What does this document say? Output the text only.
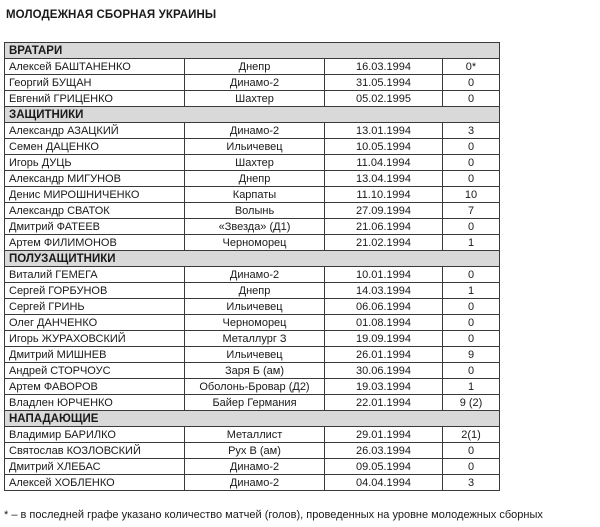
МОЛОДЕЖНАЯ СБОРНАЯ УКРАИНЫ
ВРАТАРИ			
Алексей БАШТАНЕНКО	Днепр	16.03.1994	0*
Георгий БУЩАН	Динамо-2	31.05.1994	0
Евгений ГРИЦЕНКО	Шахтер	05.02.1995	0
ЗАЩИТНИКИ			
Александр АЗАЦКИЙ	Динамо-2	13.01.1994	3
Семен ДАЦЕНКО	Ильичевец	10.05.1994	0
Игорь ДУЦЬ	Шахтер	11.04.1994	0
Александр МИГУНОВ	Днепр	13.04.1994	0
Денис МИРОШНИЧЕНКО	Карпаты	11.10.1994	10
Александр СВАТОК	Волынь	27.09.1994	7
Дмитрий ФАТЕЕВ	«Звезда» (Д1)	21.06.1994	0
Артем ФИЛИМОНОВ	Черноморец	21.02.1994	1
ПОЛУЗАЩИТНИКИ			
Виталий ГЕМЕГА	Динамо-2	10.01.1994	0
Сергей ГОРБУНОВ	Днепр	14.03.1994	1
Сергей ГРИНЬ	Ильичевец	06.06.1994	0
Олег ДАНЧЕНКО	Черноморец	01.08.1994	0
Игорь ЖУРАХОВСКИЙ	Металлург З	19.09.1994	0
Дмитрий МИШНЕВ	Ильичевец	26.01.1994	9
Андрей СТОРЧОУС	Заря Б (ам)	30.06.1994	0
Артем ФАВОРОВ	Оболонь-Бровар (Д2)	19.03.1994	1
Владлен ЮРЧЕНКО	Байер Германия	22.01.1994	9 (2)
НАПАДАЮЩИЕ			
Владимир БАРИЛКО	Металлист	29.01.1994	2(1)
Святослав КОЗЛОВСКИЙ	Рух В (ам)	26.03.1994	0
Дмитрий ХЛЕБАС	Динамо-2	09.05.1994	0
Алексей ХОБЛЕНКО	Динамо-2	04.04.1994	3
* – в последней графе указано количество матчей (голов), проведенных на уровне молодежных сборных
